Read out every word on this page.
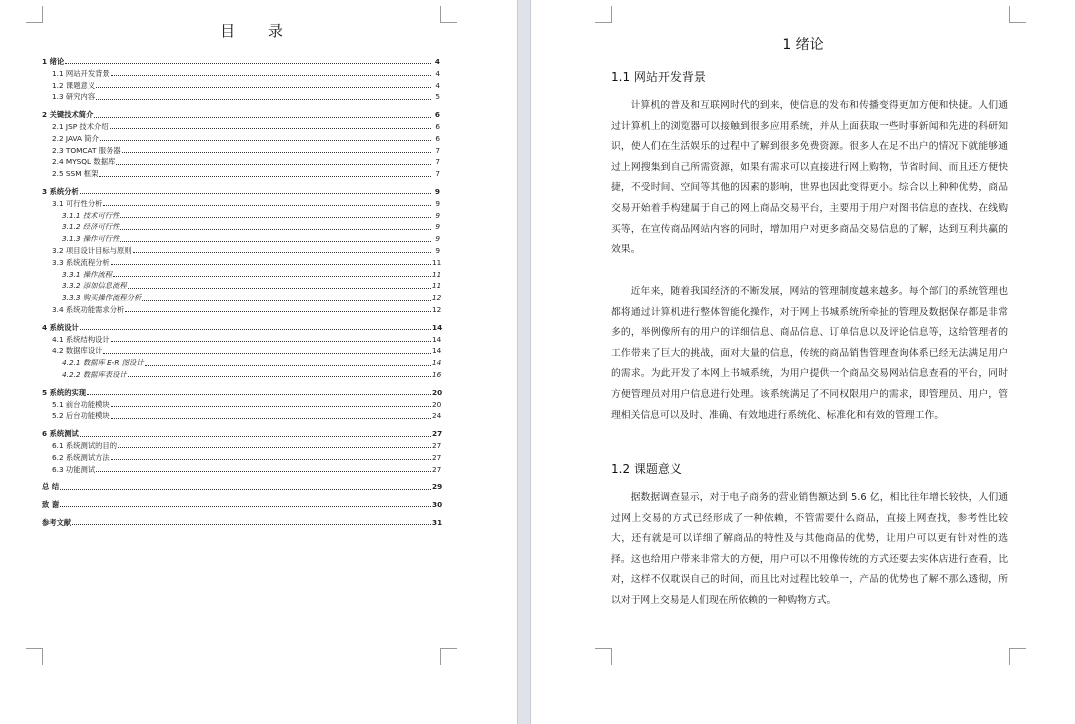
目 录
1 绪论	4
1.1 网站开发背景	4
1.2 课题意义	4
1.3 研究内容	5
2 关键技术简介	6
2.1 JSP 技术介绍	6
2.2 JAVA 简介	6
2.3 TOMCAT 服务器	7
2.4 MYSQL 数据库	7
2.5 SSM 框架	7
3 系统分析	9
3.1 可行性分析	9
3.1.1 技术可行性	9
3.1.2 经济可行性	9
3.1.3 操作可行性	9
3.2 项目设计目标与原则	9
3.3 系统流程分析	11
3.3.1 操作流程	11
3.3.2 添加信息流程	11
3.3.3 购买操作流程分析	12
3.4 系统功能需求分析	12
4 系统设计	14
4.1 系统结构设计	14
4.2 数据库设计	14
4.2.1 数据库 E-R 图设计	14
4.2.2 数据库表设计	16
5 系统的实现	20
5.1 前台功能模块	20
5.2 后台功能模块	24
6 系统测试	27
6.1 系统测试的目的	27
6.2 系统测试方法	27
6.3 功能测试	27
总 结	29
致 谢	30
参考文献	31
1 绪论
1.1 网站开发背景

计算机的普及和互联网时代的到来，使信息的发布和传播变得更加方便和快捷。人们通过计算机上的浏览器可以接触到很多应用系统，并从上面获取一些时事新闻和先进的科研知识，使人们在生活娱乐的过程中了解到很多免费资源。很多人在足不出户的情况下就能够通过上网搜集到自己所需资源，如果有需求可以直接进行网上购物，节省时间、而且还方便快捷，不受时间、空间等其他的因素的影响，世界也因此变得更小。综合以上种种优势，商品交易开始着手构建属于自己的网上商品交易平台，主要用于用户对图书信息的查找、在线购买等，在宣传商品网站内容的同时，增加用户对更多商品交易信息的了解，达到互利共赢的效果。

近年来，随着我国经济的不断发展，网站的管理制度越来越多。每个部门的系统管理也都将通过计算机进行整体智能化操作，对于网上书城系统所牵扯的管理及数据保存都是非常多的，举例像所有的用户的详细信息、商品信息、订单信息以及评论信息等，这给管理者的工作带来了巨大的挑战，面对大量的信息，传统的商品销售管理查询体系已经无法满足用户的需求。为此开发了本网上书城系统，为用户提供一个商品交易网站信息查看的平台，同时方便管理员对用户信息进行处理。该系统满足了不同权限用户的需求，即管理员、用户，管理相关信息可以及时、准确、有效地进行系统化、标准化和有效的管理工作。

1.2 课题意义

据数据调查显示，对于电子商务的营业销售额达到 5.6 亿，相比往年增长较快，人们通过网上交易的方式已经形成了一种依赖，不管需要什么商品，直接上网查找，参考性比较大，还有就是可以详细了解商品的特性及与其他商品的优势，让用户可以更有针对性的选择。这也给用户带来非常大的方便，用户可以不用像传统的方式还要去实体店进行查看，比对，这样不仅耽误自己的时间，而且比对过程比较单一，产品的优势也了解不那么透彻，所以对于网上交易是人们现在所依赖的一种购物方式。
